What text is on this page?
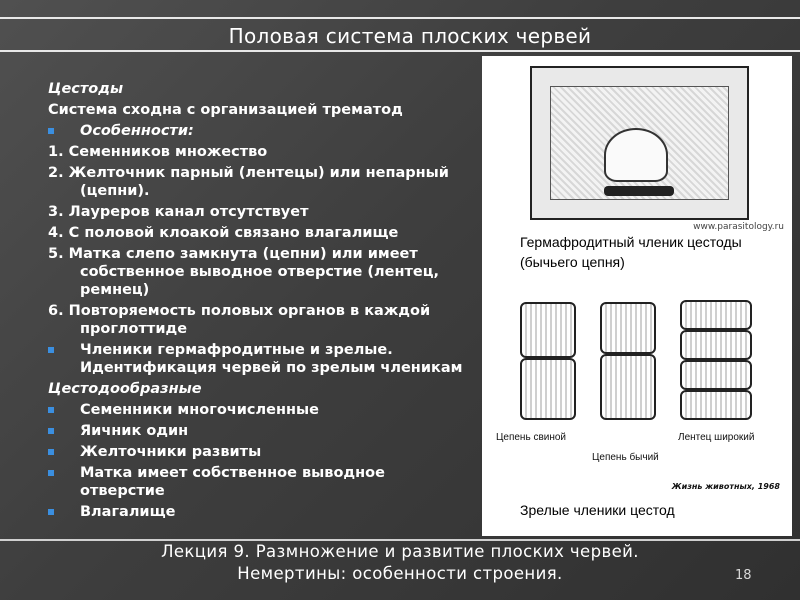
Половая система плоских червей
Цестоды
Система сходна с организацией трематод
Особенности:
1. Семенников множество
2. Желточник парный (лентецы) или непарный (цепни).
3. Лауреров канал отсутствует
4. С половой клоакой связано влагалище
5. Матка слепо замкнута (цепни) или имеет собственное выводное отверстие (лентец, ремнец)
6. Повторяемость половых органов в каждой проглоттиде
Членики гермафродитные и зрелые. Идентификация червей по зрелым членикам
Цестодообразные
Семенники многочисленные
Яичник один
Желточники развиты
Матка имеет собственное выводное отверстие
Влагалище
www.parasitology.ru
Гермафродитный членик цестоды (бычьего цепня)
Цепень свиной	Лентец широкий
Цепень бычий
Жизнь животных, 1968
Зрелые членики цестод
Лекция 9. Размножение и развитие плоских червей. Немертины: особенности строения.	18
